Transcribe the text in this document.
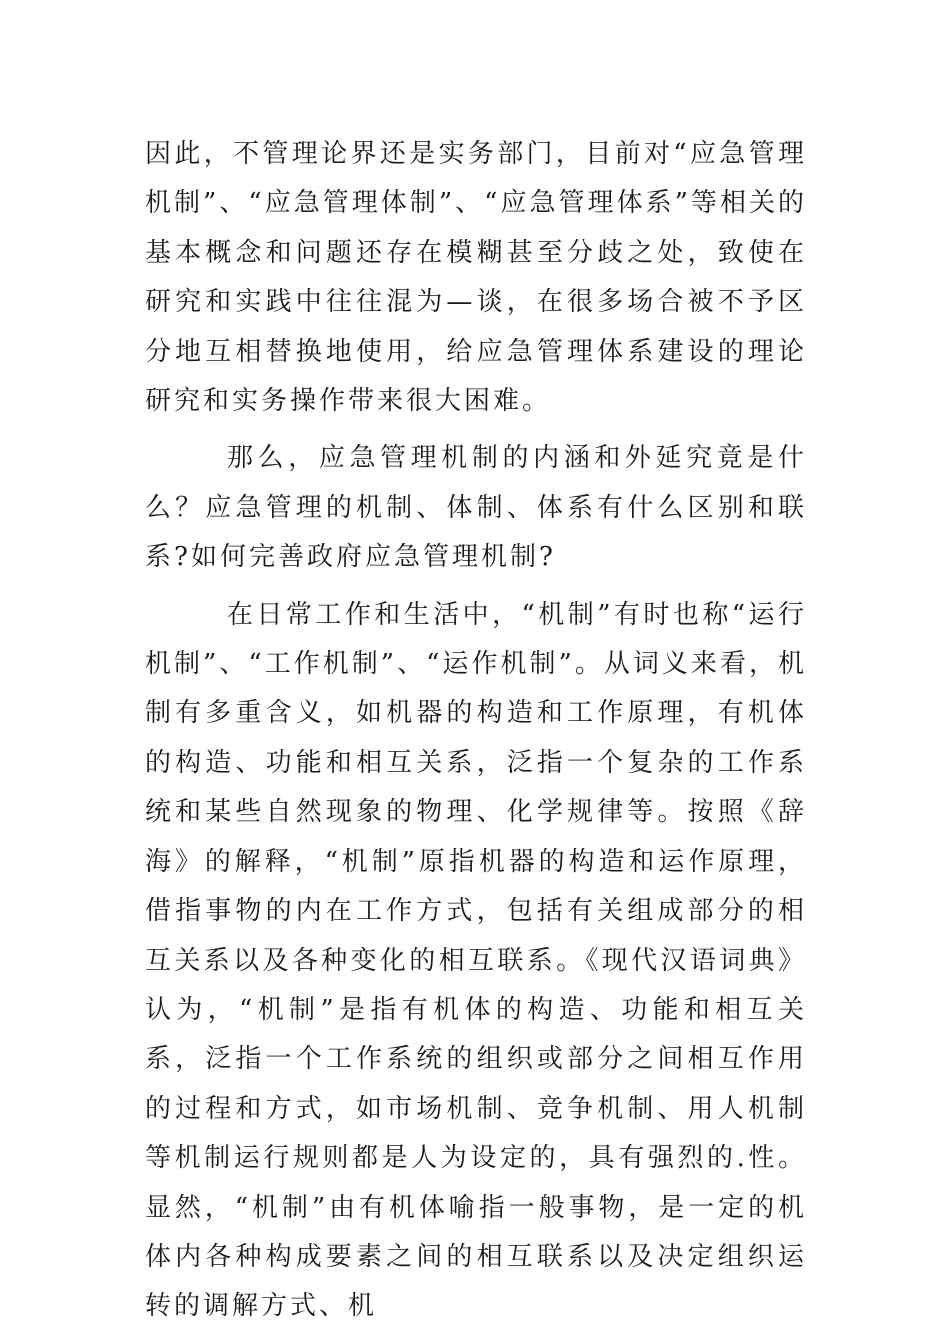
因此，不管理论界还是实务部门，目前对“应急管理机制”、“应急管理体制”、“应急管理体系”等相关的基本概念和问题还存在模糊甚至分歧之处，致使在研究和实践中往往混为—谈，在很多场合被不予区分地互相替换地使用，给应急管理体系建设的理论研究和实务操作带来很大困难。

那么，应急管理机制的内涵和外延究竟是什么？应急管理的机制、体制、体系有什么区别和联系?如何完善政府应急管理机制?

在日常工作和生活中，“机制”有时也称“运行机制”、“工作机制”、“运作机制”。从词义来看，机制有多重含义，如机器的构造和工作原理，有机体的构造、功能和相互关系，泛指一个复杂的工作系统和某些自然现象的物理、化学规律等。按照《辞海》的解释，“机制”原指机器的构造和运作原理，借指事物的内在工作方式，包括有关组成部分的相互关系以及各种变化的相互联系。《现代汉语词典》认为，“机制”是指有机体的构造、功能和相互关系，泛指一个工作系统的组织或部分之间相互作用的过程和方式，如市场机制、竞争机制、用人机制等机制运行规则都是人为设定的，具有强烈的.性。显然，“机制”由有机体喻指一般事物，是一定的机体内各种构成要素之间的相互联系以及决定组织运转的调解方式、机
